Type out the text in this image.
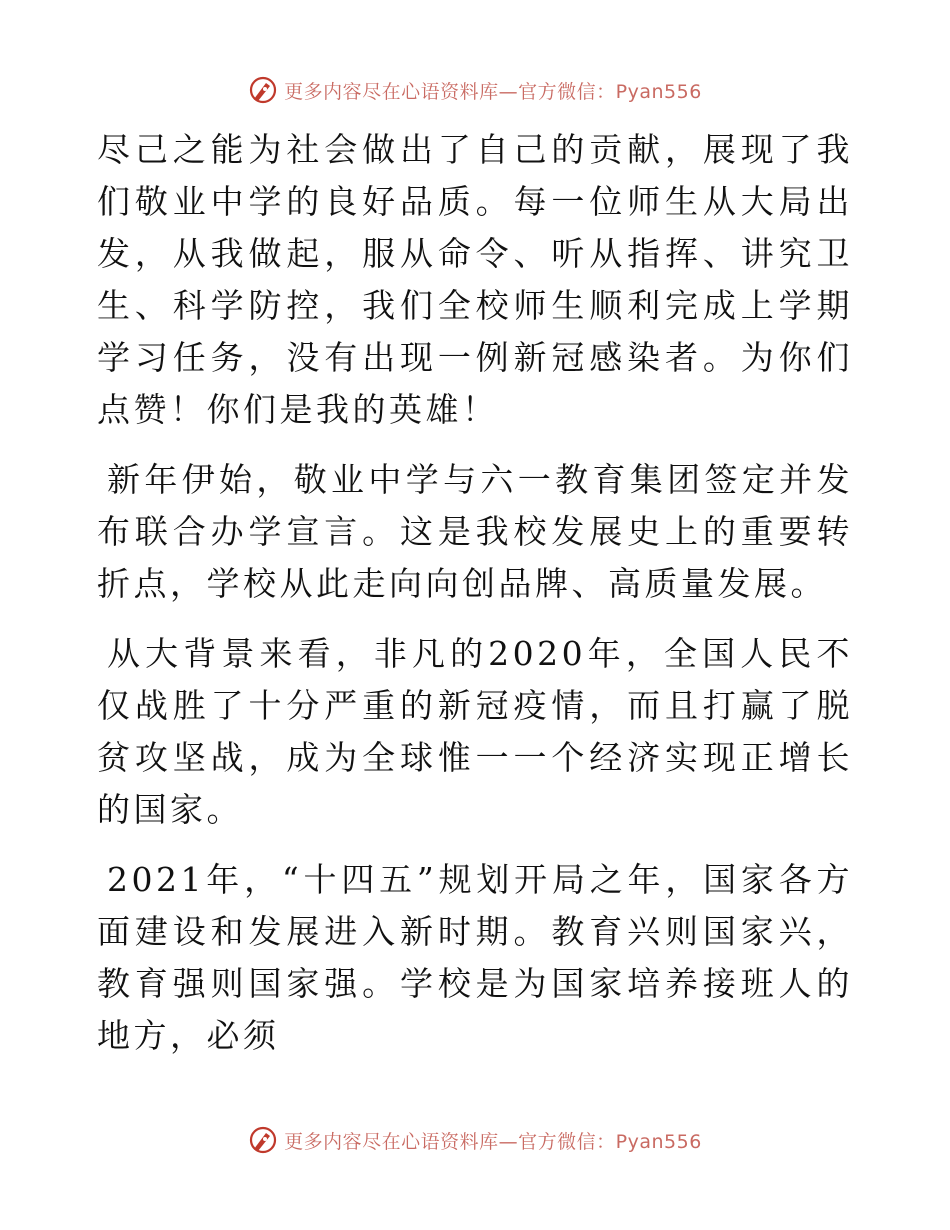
更多内容尽在心语资料库—官方微信：Pyan556

尽己之能为社会做出了自己的贡献，展现了我们敬业中学的良好品质。每一位师生从大局出发，从我做起，服从命令、听从指挥、讲究卫生、科学防控，我们全校师生顺利完成上学期学习任务，没有出现一例新冠感染者。为你们点赞！你们是我的英雄！

新年伊始，敬业中学与六一教育集团签定并发布联合办学宣言。这是我校发展史上的重要转折点，学校从此走向向创品牌、高质量发展。

从大背景来看，非凡的2020年，全国人民不仅战胜了十分严重的新冠疫情，而且打赢了脱贫攻坚战，成为全球惟一一个经济实现正增长的国家。

2021年，“十四五”规划开局之年，国家各方面建设和发展进入新时期。教育兴则国家兴，教育强则国家强。学校是为国家培养接班人的地方，必须

更多内容尽在心语资料库—官方微信：Pyan556
